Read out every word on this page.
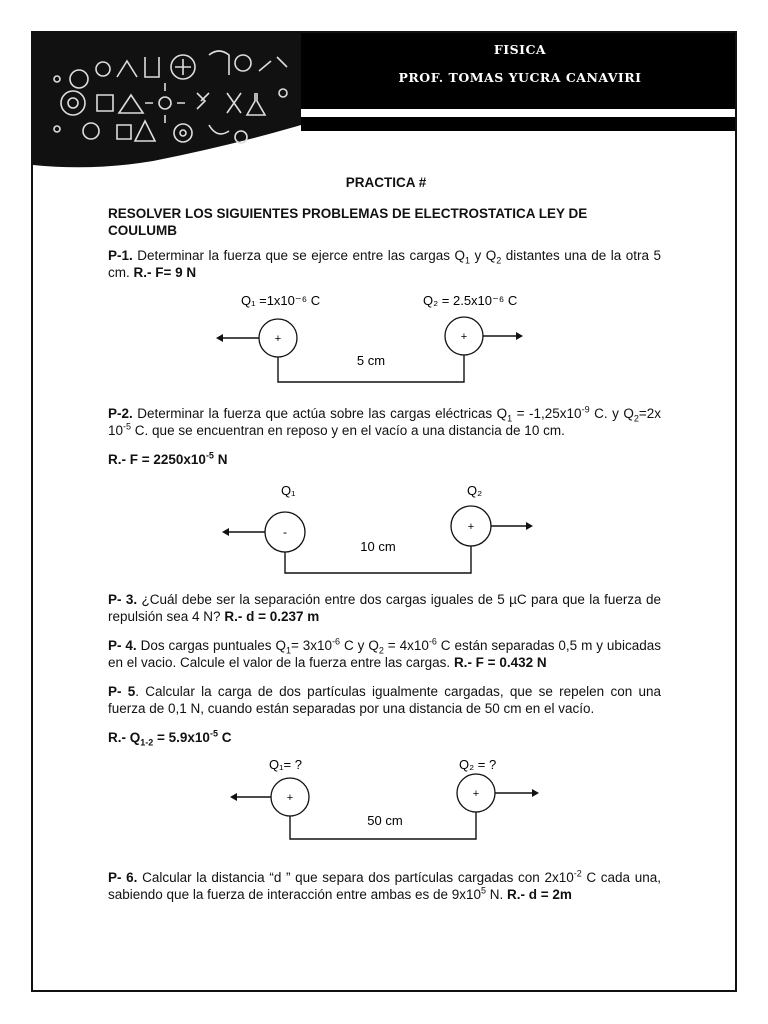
FISICA
PROF. TOMAS YUCRA CANAVIRI
PRACTICA #
RESOLVER LOS SIGUIENTES PROBLEMAS DE ELECTROSTATICA LEY DE COULUMB
P-1. Determinar la fuerza que se ejerce entre las cargas $Q_1$ y $Q_2$ distantes una de la otra 5 cm. R.- F= 9 N
Q₁ =1x10⁻⁶ C	Q₂ = 2.5x10⁻⁶ C
+	+
5 cm
P-2. Determinar la fuerza que actúa sobre las cargas eléctricas $Q_1 = -1,25x10^{-9}$ C. y $Q_2=2x$ $10^{-5}$ C. que se encuentran en reposo y en el vacío a una distancia de 10 cm.
R.- $F = 2250x10^{-5}$ N
Q₁	Q₂
-	+
10 cm
P- 3. ¿Cuál debe ser la separación entre dos cargas iguales de 5 µC para que la fuerza de repulsión sea 4 N? R.- d = 0.237 m
P- 4. Dos cargas puntuales $Q_1= 3x10^{-6}$ C y $Q_2 = 4x10^{-6}$ C están separadas 0,5 m y ubicadas en el vacio. Calcule el valor de la fuerza entre las cargas. R.- F = 0.432 N
P- 5. Calcular la carga de dos partículas igualmente cargadas, que se repelen con una fuerza de 0,1 N, cuando están separadas por una distancia de 50 cm en el vacío.
R.- $Q_{1-2} = 5.9x10^{-5}$ C
Q₁= ?	Q₂ = ?
+	+
50 cm
P- 6. Calcular la distancia “d ” que separa dos partículas cargadas con $2x10^{-2}$ C cada una, sabiendo que la fuerza de interacción entre ambas es de $9x10^5$ N. R.- d = 2m
